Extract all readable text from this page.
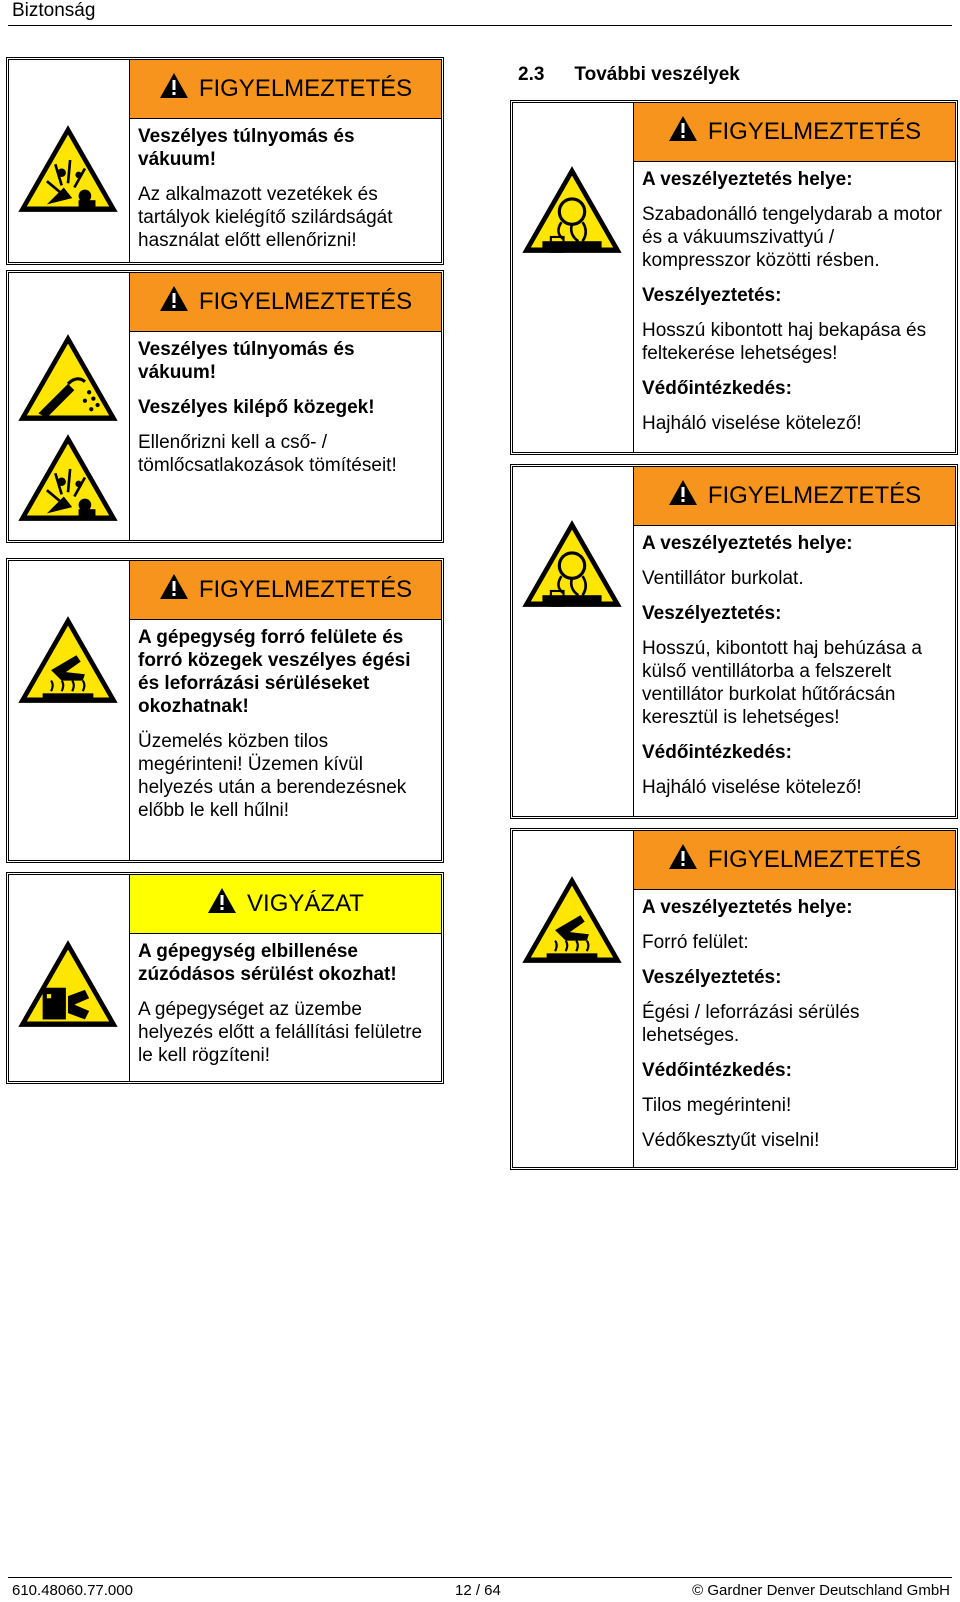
Biztonság
2.3 További veszélyek
FIGYELMEZTETÉS

Veszélyes túlnyomás és vákuum!

Az alkalmazott vezetékek és tartályok kielégítő szilárdságát használat előtt ellenőrizni!

FIGYELMEZTETÉS

Veszélyes túlnyomás és vákuum!

Veszélyes kilépő közegek!

Ellenőrizni kell a cső- / tömlőcsatlakozások tömítéseit!

FIGYELMEZTETÉS

A gépegység forró felülete és forró közegek veszélyes égési és leforrázási sérüléseket okozhatnak!

Üzemelés közben tilos megérinteni! Üzemen kívül helyezés után a berendezésnek előbb le kell hűlni!

VIGYÁZAT

A gépegység elbillenése zúzódásos sérülést okozhat!

A gépegységet az üzembe helyezés előtt a felállítási felületre le kell rögzíteni!

FIGYELMEZTETÉS

A veszélyeztetés helye:

Szabadonálló tengelydarab a motor és a vákuumszivattyú / kompresszor közötti résben.

Veszélyeztetés:

Hosszú kibontott haj bekapása és feltekerése lehetséges!

Védőintézkedés:

Hajháló viselése kötelező!

FIGYELMEZTETÉS

A veszélyeztetés helye:

Ventillátor burkolat.

Veszélyeztetés:

Hosszú, kibontott haj behúzása a külső ventillátorba a felszerelt ventillátor burkolat hűtőrácsán keresztül is lehetséges!

Védőintézkedés:

Hajháló viselése kötelező!

FIGYELMEZTETÉS

A veszélyeztetés helye:

Forró felület:

Veszélyeztetés:

Égési / leforrázási sérülés lehetséges.

Védőintézkedés:

Tilos megérinteni!

Védőkesztyűt viselni!

610.48060.77.000	12 / 64	© Gardner Denver Deutschland GmbH
